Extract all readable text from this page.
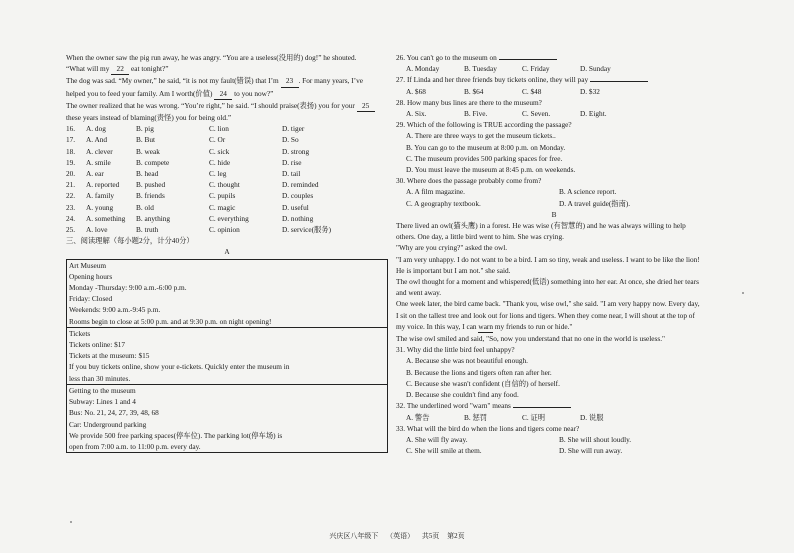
When the owner saw the pig run away, he was angry. “You are a useless(没用的) dog!” he shouted.
“What will my 22 eat tonight?”
The dog was sad. “My owner,” he said, “it is not my fault(错误) that I’m 23 . For many years, I’ve
helped you to feed your family. Am I worth(价值) 24 to you now?”
The owner realized that he was wrong. “You’re right,” he said. “I should praise(表扬) you for your 25
these years instead of blaming(责怪) you for being old.”
16.	A. dog	B. pig	C. lion	D. tiger
17.	A. And	B. But	C. Or	D. So
18.	A. clever	B. weak	C. sick	D. strong
19.	A. smile	B. compete	C. hide	D. rise
20.	A. ear	B. head	C. leg	D. tail
21.	A. reported	B. pushed	C. thought	D. reminded
22.	A. family	B. friends	C. pupils	D. couples
23.	A. young	B. old	C. magic	D. useful
24.	A. something	B. anything	C. everything	D. nothing
25.	A. love	B. truth	C. opinion	D. service(服务)
三、阅读理解（每小题2分，计分40分）
A
Art Museum
Opening hours
Monday -Thursday: 9:00 a.m.-6:00 p.m.
Friday: Closed
Weekends: 9:00 a.m.-9:45 p.m.
Rooms begin to close at 5:00 p.m. and at 9:30 p.m. on night opening!
Tickets
Tickets online: $17
Tickets at the museum: $15
If you buy tickets online, show your e-tickets. Quickly enter the museum in
less than 30 minutes.
Getting to the museum
Subway: Lines 1 and 4
Bus: No. 21, 24, 27, 39, 48, 68
Car: Underground parking
We provide 500 free parking spaces(停车位). The parking lot(停车场) is
open from 7:00 a.m. to 11:00 p.m. every day.
26. You can't go to the museum on
A. Monday	B. Tuesday	C. Friday	D. Sunday
27. If Linda and her three friends buy tickets online, they will pay
A. $68	B. $64	C. $48	D. $32
28. How many bus lines are there to the museum?
A. Six.	B. Five.	C. Seven.	D. Eight.
29. Which of the following is TRUE according the passage?
A. There are three ways to get the museum tickets..
B. You can go to the museum at 8:00 p.m. on Monday.
C. The museum provides 500 parking spaces for free.
D. You must leave the museum at 8:45 p.m. on weekends.
30. Where does the passage probably come from?
A. A film magazine.	B. A science report.
C. A geography textbook.	D. A travel guide(指南).
B
There lived an owl(猫头鹰) in a forest. He was wise (有智慧的) and he was always willing to help
others. One day, a little bird went to him. She was crying.
"Why are you crying?" asked the owl.
"I am very unhappy. I do not want to be a bird. I am so tiny, weak and useless. I want to be like the lion!
He is important but I am not." she said.
The owl thought for a moment and whispered(低语) something into her ear. At once, she dried her tears
and went away.
One week later, the bird came back. "Thank you, wise owl," she said. "I am very happy now. Every day,
I sit on the tallest tree and look out for lions and tigers. When they come near, I will shout at the top of
my voice. In this way, I can warn my friends to run or hide."
The wise owl smiled and said, "So, now you understand that no one in the world is useless."
31. Why did the little bird feel unhappy?
A. Because she was not beautiful enough.
B. Because the lions and tigers often ran after her.
C. Because she wasn't confident (自信的) of herself.
D. Because she couldn't find any food.
32. The underlined word "warn" means
A. 警告	B. 惩罚	C. 证明	D. 说服
33. What will the bird do when the lions and tigers come near?
A. She will fly away.	B. She will shout loudly.
C. She will smile at them.	D. She will run away.
兴庆区八年级下 （英语） 共5页 第2页
